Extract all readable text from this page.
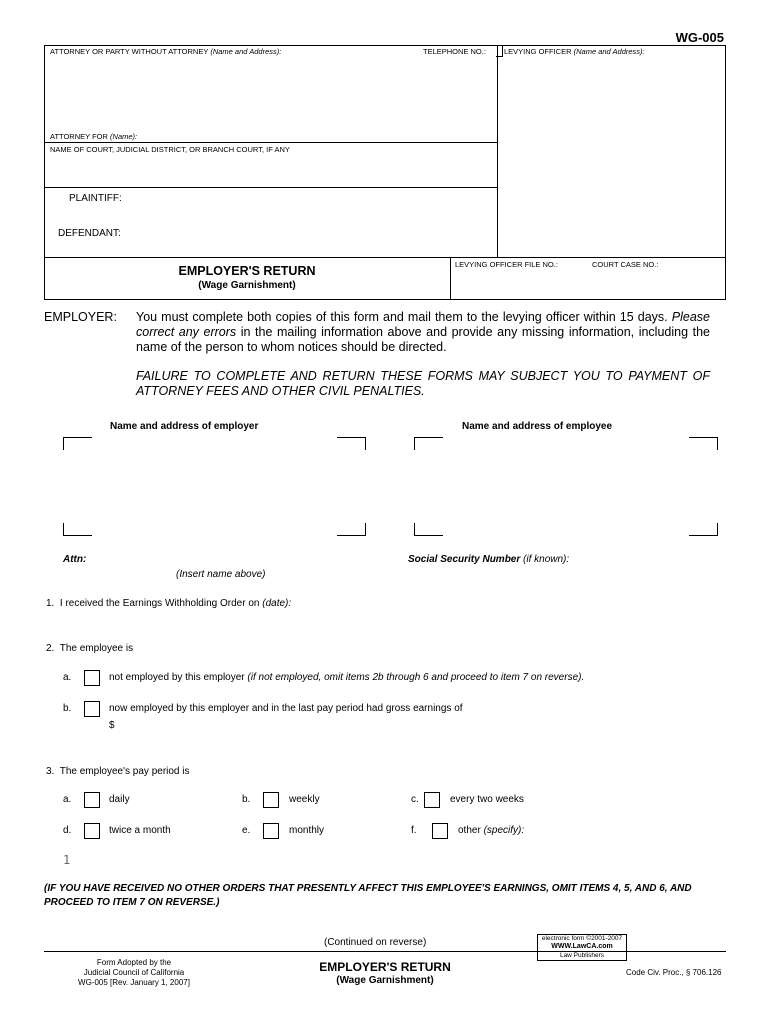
WG-005
ATTORNEY OR PARTY WITHOUT ATTORNEY (Name and Address):	TELEPHONE NO.: LEVYING OFFICER (Name and Address):
ATTORNEY FOR (Name):
NAME OF COURT, JUDICIAL DISTRICT, OR BRANCH COURT, IF ANY
PLAINTIFF:
DEFENDANT:
EMPLOYER'S RETURN
(Wage Garnishment)
LEVYING OFFICER FILE NO.:	COURT CASE NO.:
EMPLOYER: You must complete both copies of this form and mail them to the levying officer within 15 days. Please correct any errors in the mailing information above and provide any missing information, including the name of the person to whom notices should be directed.
FAILURE TO COMPLETE AND RETURN THESE FORMS MAY SUBJECT YOU TO PAYMENT OF ATTORNEY FEES AND OTHER CIVIL PENALTIES.
Name and address of employer	Name and address of employee
Attn:
(Insert name above)
Social Security Number (if known):
1. I received the Earnings Withholding Order on (date):
2. The employee is
a.	not employed by this employer (if not employed, omit items 2b through 6 and proceed to item 7 on reverse).
b.	now employed by this employer and in the last pay period had gross earnings of
$
3. The employee's pay period is
a.	daily	b.	weekly	c.	every two weeks
d.	twice a month	e.	monthly	f.	other (specify):
1
(IF YOU HAVE RECEIVED NO OTHER ORDERS THAT PRESENTLY AFFECT THIS EMPLOYEE'S EARNINGS, OMIT ITEMS 4, 5, AND 6, AND PROCEED TO ITEM 7 ON REVERSE.)
(Continued on reverse)	electronic form ©2001-2007
WWW.LawCA.com
Law Publishers
Form Adopted by the
Judicial Council of California
WG-005 [Rev. January 1, 2007]
EMPLOYER'S RETURN
(Wage Garnishment)
Code Civ. Proc., § 706.126
